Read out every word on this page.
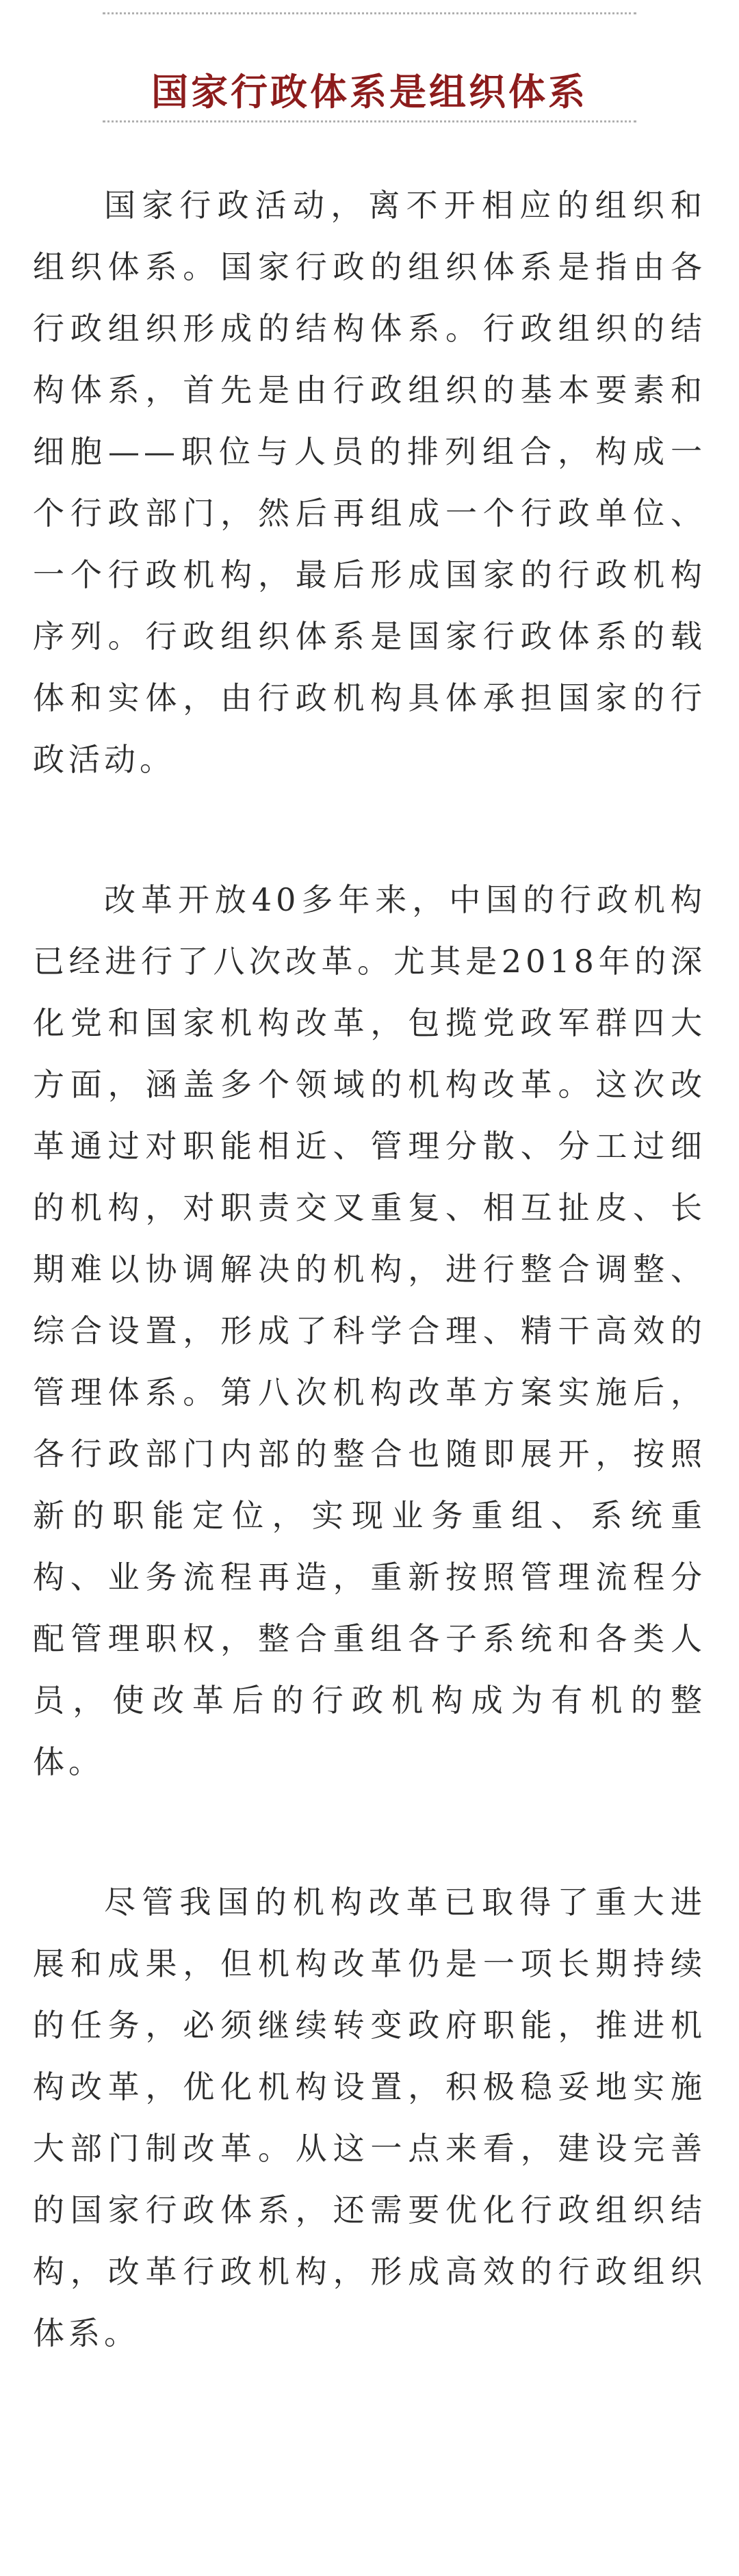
国家行政体系是组织体系

国家行政活动，离不开相应的组织和组织体系。国家行政的组织体系是指由各行政组织形成的结构体系。行政组织的结构体系，首先是由行政组织的基本要素和细胞——职位与人员的排列组合，构成一个行政部门，然后再组成一个行政单位、一个行政机构，最后形成国家的行政机构序列。行政组织体系是国家行政体系的载体和实体，由行政机构具体承担国家的行政活动。

改革开放40多年来，中国的行政机构已经进行了八次改革。尤其是2018年的深化党和国家机构改革，包揽党政军群四大方面，涵盖多个领域的机构改革。这次改革通过对职能相近、管理分散、分工过细的机构，对职责交叉重复、相互扯皮、长期难以协调解决的机构，进行整合调整、综合设置，形成了科学合理、精干高效的管理体系。第八次机构改革方案实施后，各行政部门内部的整合也随即展开，按照新的职能定位，实现业务重组、系统重构、业务流程再造，重新按照管理流程分配管理职权，整合重组各子系统和各类人员，使改革后的行政机构成为有机的整体。

尽管我国的机构改革已取得了重大进展和成果，但机构改革仍是一项长期持续的任务，必须继续转变政府职能，推进机构改革，优化机构设置，积极稳妥地实施大部门制改革。从这一点来看，建设完善的国家行政体系，还需要优化行政组织结构，改革行政机构，形成高效的行政组织体系。
